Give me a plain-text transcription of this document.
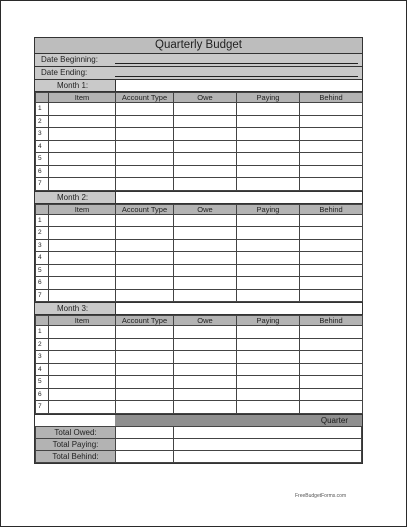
Quarterly Budget
Date Beginning:
Date Ending:
Month 1:
	Item	Account Type	Owe	Paying	Behind
1					
2					
3					
4					
5					
6					
7					
Month 2:
	Item	Account Type	Owe	Paying	Behind
1					
2					
3					
4					
5					
6					
7					
Month 3:
	Item	Account Type	Owe	Paying	Behind
1					
2					
3					
4					
5					
6					
7					
Quarter
Total Owed:		
Total Paying:		
Total Behind:		
FreeBudgetForms.com
